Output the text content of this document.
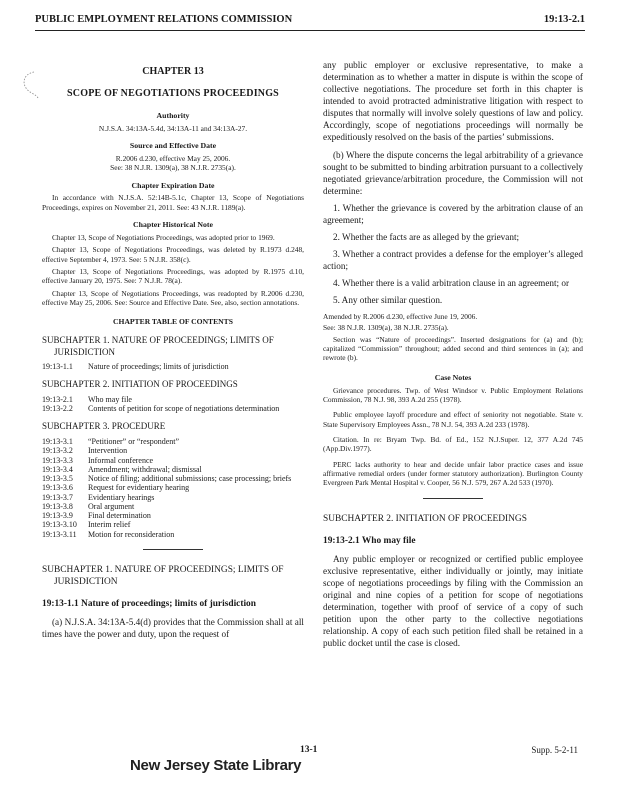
PUBLIC EMPLOYMENT RELATIONS COMMISSION	19:13-2.1

CHAPTER 13

SCOPE OF NEGOTIATIONS PROCEEDINGS

Authority

N.J.S.A. 34:13A-5.4d, 34:13A-11 and 34:13A-27.

Source and Effective Date

R.2006 d.230, effective May 25, 2006.

See: 38 N.J.R. 1309(a), 38 N.J.R. 2735(a).

Chapter Expiration Date

In accordance with N.J.S.A. 52:14B-5.1c, Chapter 13, Scope of Negotiations Proceedings, expires on November 21, 2011. See: 43 N.J.R. 1189(a).

Chapter Historical Note

Chapter 13, Scope of Negotiations Proceedings, was adopted prior to 1969.

Chapter 13, Scope of Negotiations Proceedings, was deleted by R.1973 d.248, effective September 4, 1973. See: 5 N.J.R. 358(c).

Chapter 13, Scope of Negotiations Proceedings, was adopted by R.1975 d.10, effective January 20, 1975. See: 7 N.J.R. 78(a).

Chapter 13, Scope of Negotiations Proceedings, was readopted by R.2006 d.230, effective May 25, 2006. See: Source and Effective Date. See, also, section annotations.

CHAPTER TABLE OF CONTENTS

SUBCHAPTER 1. NATURE OF PROCEEDINGS; LIMITS OF JURISDICTION

19:13-1.1	Nature of proceedings; limits of jurisdiction

SUBCHAPTER 2. INITIATION OF PROCEEDINGS

19:13-2.1	Who may file
19:13-2.2	Contents of petition for scope of negotiations determination

SUBCHAPTER 3. PROCEDURE

19:13-3.1	“Petitioner” or “respondent”
19:13-3.2	Intervention
19:13-3.3	Informal conference
19:13-3.4	Amendment; withdrawal; dismissal
19:13-3.5	Notice of filing; additional submissions; case processing; briefs
19:13-3.6	Request for evidentiary hearing
19:13-3.7	Evidentiary hearings
19:13-3.8	Oral argument
19:13-3.9	Final determination
19:13-3.10	Interim relief
19:13-3.11	Motion for reconsideration

SUBCHAPTER 1. NATURE OF PROCEEDINGS; LIMITS OF JURISDICTION

19:13-1.1 Nature of proceedings; limits of jurisdiction

(a) N.J.S.A. 34:13A-5.4(d) provides that the Commission shall at all times have the power and duty, upon the request of

any public employer or exclusive representative, to make a determination as to whether a matter in dispute is within the scope of collective negotiations. The procedure set forth in this chapter is intended to avoid protracted administrative litigation with respect to disputes that normally will involve solely questions of law and policy. Accordingly, scope of negotiations proceedings will normally be expeditiously resolved on the basis of the parties’ submissions.

(b) Where the dispute concerns the legal arbitrability of a grievance sought to be submitted to binding arbitration pursuant to a collectively negotiated grievance/arbitration procedure, the Commission will not determine:

1. Whether the grievance is covered by the arbitration clause of an agreement;

2. Whether the facts are as alleged by the grievant;

3. Whether a contract provides a defense for the employer’s alleged action;

4. Whether there is a valid arbitration clause in an agreement; or

5. Any other similar question.

Amended by R.2006 d.230, effective June 19, 2006.

See: 38 N.J.R. 1309(a), 38 N.J.R. 2735(a).

Section was “Nature of proceedings”. Inserted designations for (a) and (b); capitalized “Commission” throughout; added second and third sentences in (a); and rewrote (b).

Case Notes

Grievance procedures. Twp. of West Windsor v. Public Employment Relations Commission, 78 N.J. 98, 393 A.2d 255 (1978).

Public employee layoff procedure and effect of seniority not negotiable. State v. State Supervisory Employees Assn., 78 N.J. 54, 393 A.2d 233 (1978).

Citation. In re: Bryam Twp. Bd. of Ed., 152 N.J.Super. 12, 377 A.2d 745 (App.Div.1977).

PERC lacks authority to hear and decide unfair labor practice cases and issue affirmative remedial orders (under former statutory authorization). Burlington County Evergreen Park Mental Hospital v. Cooper, 56 N.J. 579, 267 A.2d 533 (1970).

SUBCHAPTER 2. INITIATION OF PROCEEDINGS

19:13-2.1 Who may file

Any public employer or recognized or certified public employee exclusive representative, either individually or jointly, may initiate scope of negotiations proceedings by filing with the Commission an original and nine copies of a petition for scope of negotiations determination, together with proof of service of a copy of such petition upon the other party to the collective negotiations relationship. A copy of each such petition filed shall be retained in a public docket until the case is closed.

13-1	Supp. 5-2-11
New Jersey State Library
